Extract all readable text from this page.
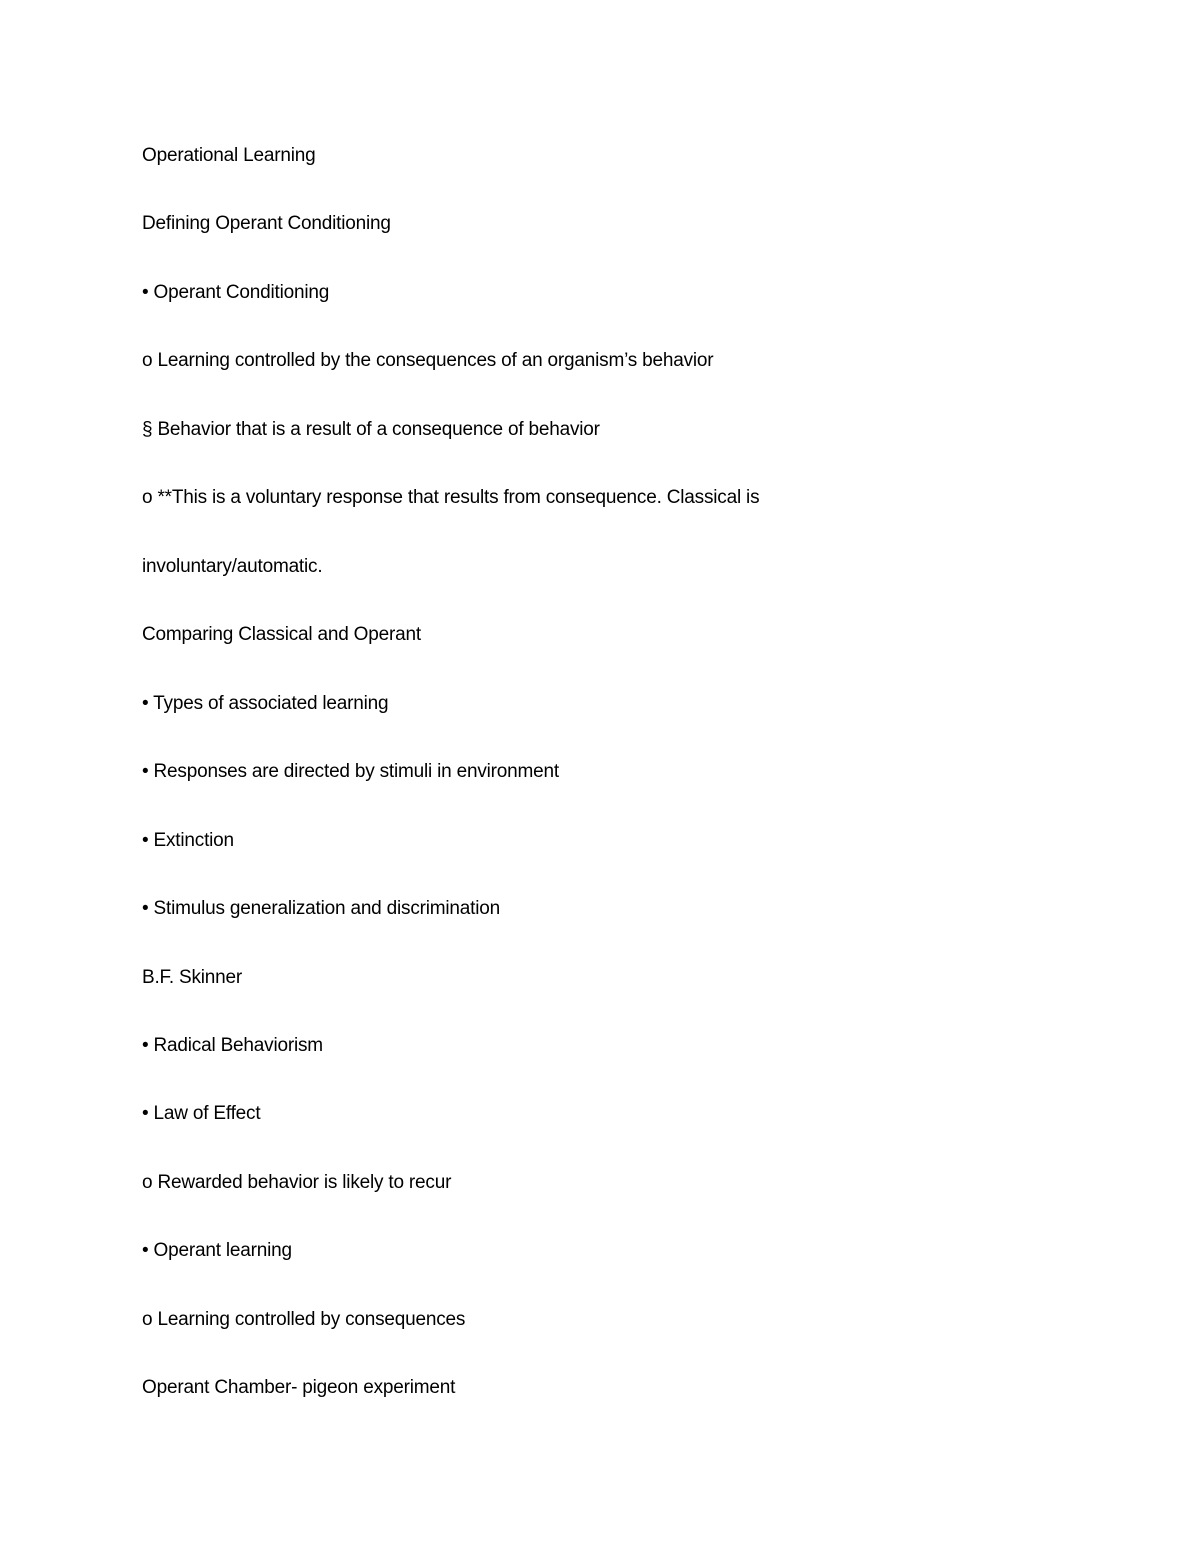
Operational Learning
Defining Operant Conditioning
• Operant Conditioning
o Learning controlled by the consequences of an organism’s behavior
§ Behavior that is a result of a consequence of behavior
o **This is a voluntary response that results from consequence. Classical is
involuntary/automatic.
Comparing Classical and Operant
• Types of associated learning
• Responses are directed by stimuli in environment
• Extinction
• Stimulus generalization and discrimination
B.F. Skinner
• Radical Behaviorism
• Law of Effect
o Rewarded behavior is likely to recur
• Operant learning
o Learning controlled by consequences
Operant Chamber- pigeon experiment
